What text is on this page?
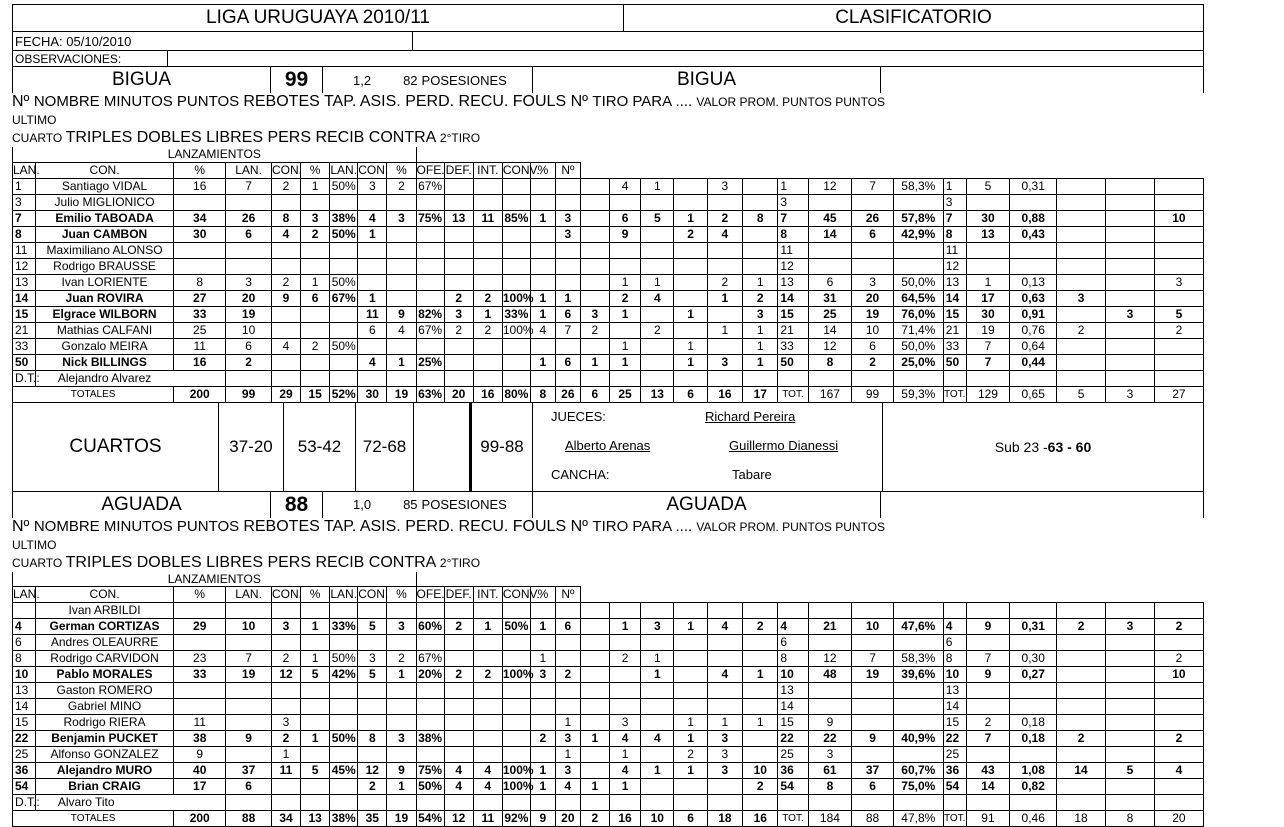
LIGA URUGUAYA 2010/11	CLASIFICATORIO
FECHA: 05/10/2010
OBSERVACIONES:
BIGUA	99	1,2 82 POSESIONES	BIGUA
Nº NOMBRE MINUTOS PUNTOS REBOTES TAP. ASIS. PERD. RECU. FOULS Nº TIRO PARA .... VALOR PROM. PUNTOS PUNTOS
ULTIMO
CUARTO TRIPLES DOBLES LIBRES PERS RECIB CONTRA 2°TIRO
LANZAMIENTOS																														

LAN.	CON.	%	LAN.	CON.	%	LAN.	CON.	%	OFE.	DEF.	INT.	CONV.	%	Nº																
1	Santiago VIDAL	16	7	2	1	50%	3	2	67%							4	1		3		1	12	7	58,3%	1	5	0,31			
3	Julio MIGLIONICO																				3				3					
7	Emilio TABOADA	34	26	8	3	38%	4	3	75%	13	11	85%	1	3		6	5	1	2	8	7	45	26	57,8%	7	30	0,88			10
8	Juan CAMBON	30	6	4	2	50%	1							3		9		2	4		8	14	6	42,9%	8	13	0,43			
11	Maximiliano ALONSO																				11				11					
12	Rodrigo BRAUSSE																				12				12					
13	Ivan LORIENTE	8	3	2	1	50%										1	1		2	1	13	6	3	50,0%	13	1	0,13			3
14	Juan ROVIRA	27	20	9	6	67%	1			2	2	100%	1	1		2	4		1	2	14	31	20	64,5%	14	17	0,63	3		
15	Elgrace WILBORN	33	19				11	9	82%	3	1	33%	1	6	3	1		1		3	15	25	19	76,0%	15	30	0,91		3	5
21	Mathias CALFANI	25	10				6	4	67%	2	2	100%	4	7	2		2		1	1	21	14	10	71,4%	21	19	0,76	2		2
33	Gonzalo MEIRA	11	6	4	2	50%										1		1		1	33	12	6	50,0%	33	7	0,64			
50	Nick BILLINGS	16	2				4	1	25%				1	6	1	1		1	3	1	50	8	2	25,0%	50	7	0,44			
D.T.:	Alejandro Alvarez																													
TOTALES		200	99	29	15	52%	30	19	63%	20	16	80%	8	26	6	25	13	6	16	17	TOT.	167	99	59,3%	TOT.	129	0,65	5	3	27
CUARTOS	37-20	53-42	72-68	99-88
JUECES:	Richard Pereira
Alberto Arenas	Guillermo Dianessi
CANCHA:	Tabare
Sub 23 - 63 - 60
AGUADA	88	1,0 85 POSESIONES	AGUADA
Nº NOMBRE MINUTOS PUNTOS REBOTES TAP. ASIS. PERD. RECU. FOULS Nº TIRO PARA .... VALOR PROM. PUNTOS PUNTOS
ULTIMO
CUARTO TRIPLES DOBLES LIBRES PERS RECIB CONTRA 2°TIRO
LANZAMIENTOS																														

LAN.	CON.	%	LAN.	CON.	%	LAN.	CON.	%	OFE.	DEF.	INT.	CONV.	%	Nº																
	Ivan ARBILDI																													
4	German CORTIZAS	29	10	3	1	33%	5	3	60%	2	1	50%	1	6		1	3	1	4	2	4	21	10	47,6%	4	9	0,31	2	3	2
6	Andres OLEAURRE																				6				6					
8	Rodrigo CARVIDON	23	7	2	1	50%	3	2	67%				1			2	1				8	12	7	58,3%	8	7	0,30			2
10	Pablo MORALES	33	19	12	5	42%	5	1	20%	2	2	100%	3	2			1		4	1	10	48	19	39,6%	10	9	0,27			10
13	Gaston ROMERO																				13				13					
14	Gabriel MINO																				14				14					
15	Rodrigo RIERA	11		3										1		3		1	1	1	15	9			15	2	0,18			
22	Benjamin PUCKET	38	9	2	1	50%	8	3	38%				2	3	1	4	4	1	3		22	22	9	40,9%	22	7	0,18	2		2
25	Alfonso GONZALEZ	9		1										1		1		2	3		25	3			25					
36	Alejandro MURO	40	37	11	5	45%	12	9	75%	4	4	100%	1	3		4	1	1	3	10	36	61	37	60,7%	36	43	1,08	14	5	4
54	Brian CRAIG	17	6				2	1	50%	4	4	100%	1	4	1	1				2	54	8	6	75,0%	54	14	0,82			
D.T.:	Alvaro Tito																													
TOTALES		200	88	34	13	38%	35	19	54%	12	11	92%	9	20	2	16	10	6	18	16	TOT.	184	88	47,8%	TOT.	91	0,46	18	8	20
